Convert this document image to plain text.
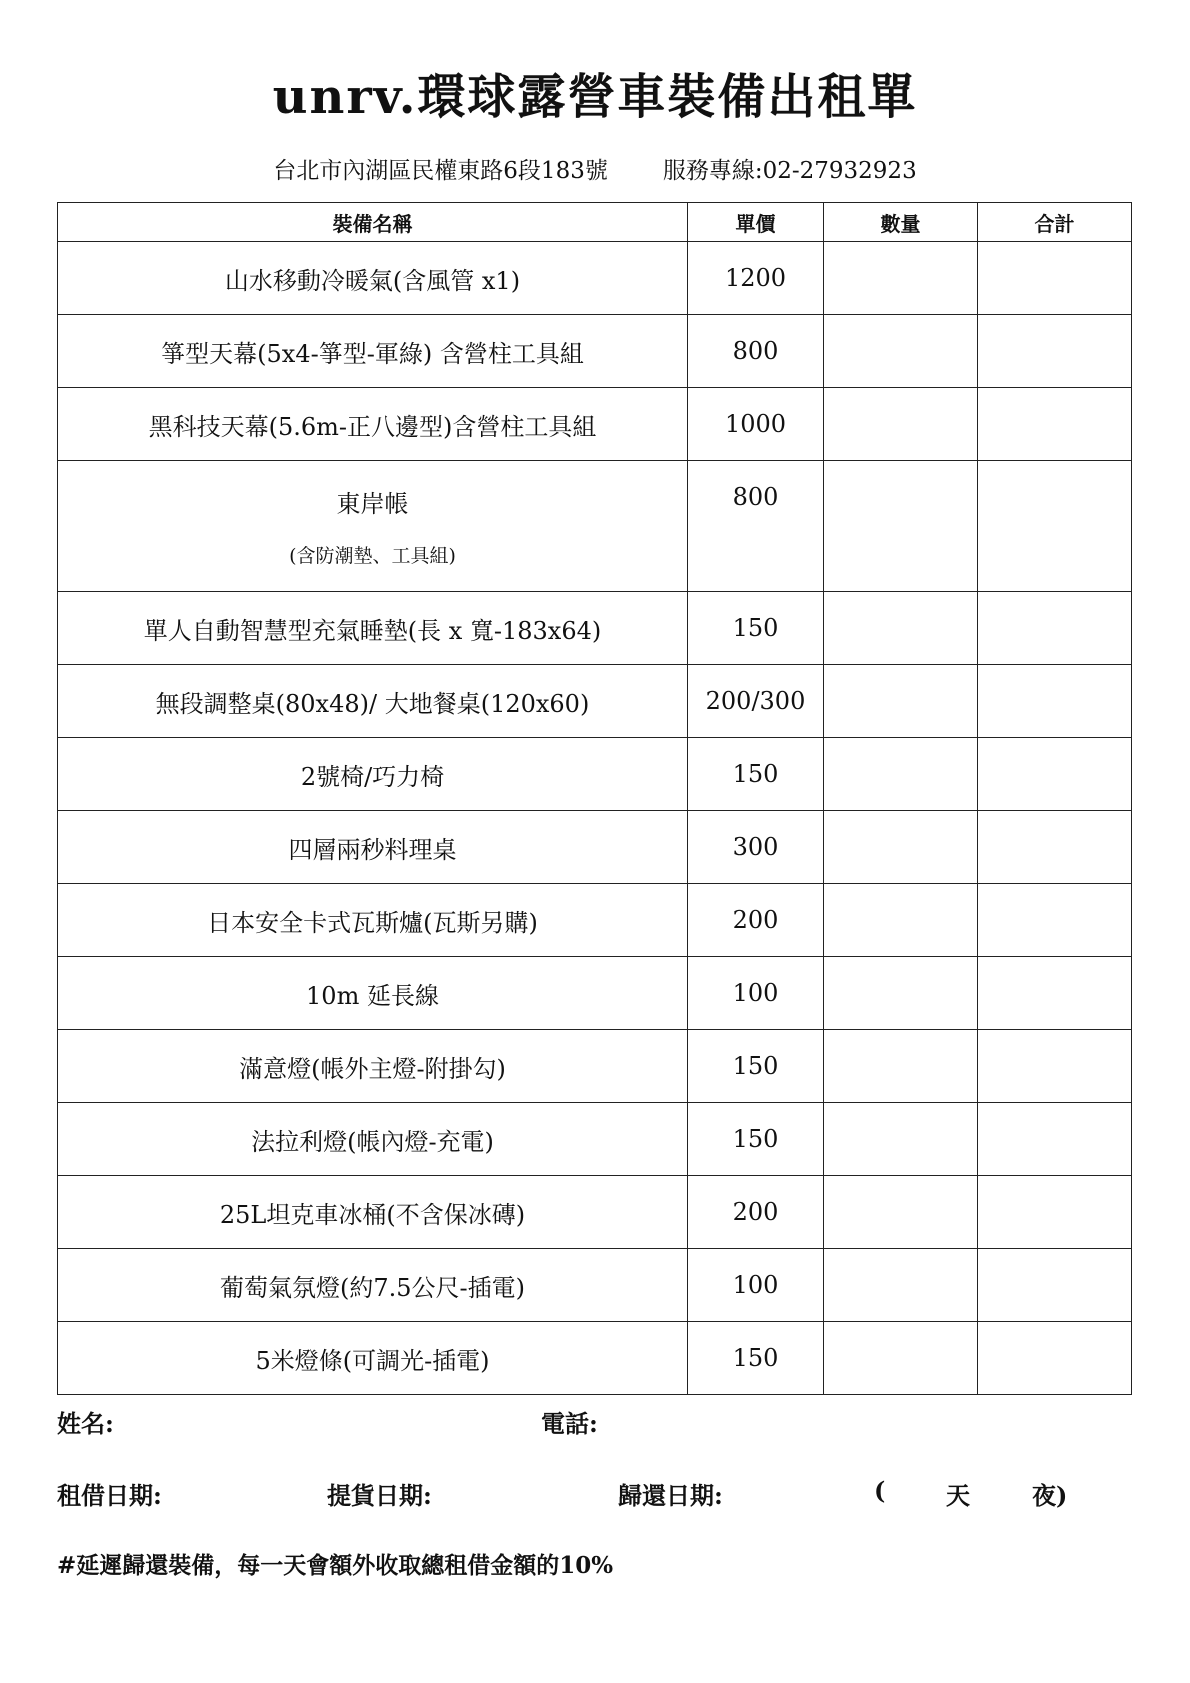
unrv.環球露營車裝備出租單
台北市內湖區民權東路6段183號 服務專線:02-27932923
裝備名稱	單價	數量	合計
山水移動冷暖氣(含風管 x1)	1200		
箏型天幕(5x4-箏型-軍綠) 含營柱工具組	800		
黑科技天幕(5.6m-正八邊型)含營柱工具組	1000		
東岸帳
(含防潮墊、工具組)	800		
單人自動智慧型充氣睡墊(長 x 寬-183x64)	150		
無段調整桌(80x48)/ 大地餐桌(120x60)	200/300		
2號椅/巧力椅	150		
四層兩秒料理桌	300		
日本安全卡式瓦斯爐(瓦斯另購)	200		
10m 延長線	100		
滿意燈(帳外主燈-附掛勾)	150		
法拉利燈(帳內燈-充電)	150		
25L坦克車冰桶(不含保冰磚)	200		
葡萄氣氛燈(約7.5公尺-插電)	100		
5米燈條(可調光-插電)	150		
姓名:	電話:
租借日期:	提貨日期:	歸還日期:	(	天	夜)
#延遲歸還裝備，每一天會額外收取總租借金額的10%
